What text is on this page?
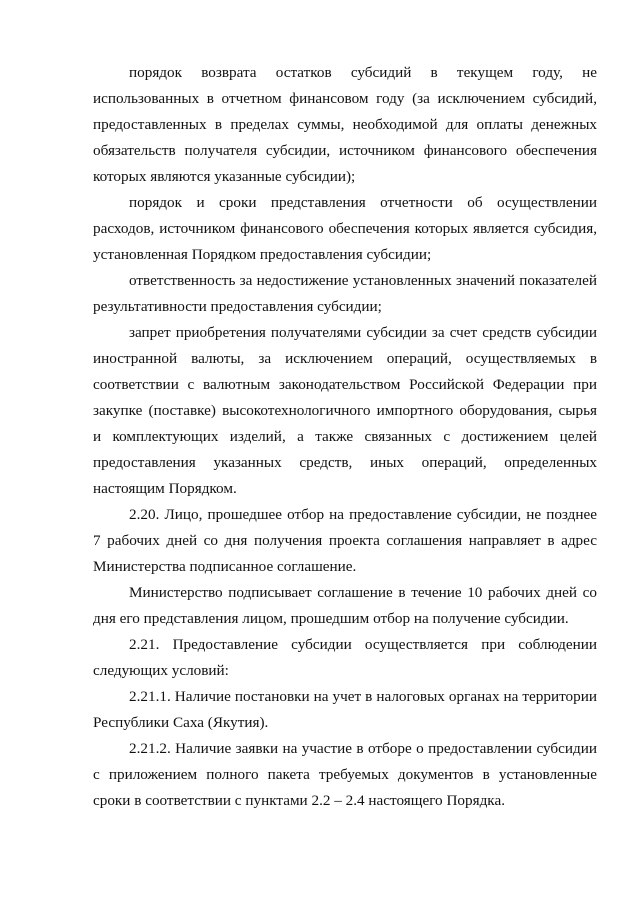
порядок возврата остатков субсидий в текущем году, не использованных в отчетном финансовом году (за исключением субсидий, предоставленных в пределах суммы, необходимой для оплаты денежных обязательств получателя субсидии, источником финансового обеспечения которых являются указанные субсидии);

порядок и сроки представления отчетности об осуществлении расходов, источником финансового обеспечения которых является субсидия, установленная Порядком предоставления субсидии;

ответственность за недостижение установленных значений показателей результативности предоставления субсидии;

запрет приобретения получателями субсидии за счет средств субсидии иностранной валюты, за исключением операций, осуществляемых в соответствии с валютным законодательством Российской Федерации при закупке (поставке) высокотехнологичного импортного оборудования, сырья и комплектующих изделий, а также связанных с достижением целей предоставления указанных средств, иных операций, определенных настоящим Порядком.

2.20. Лицо, прошедшее отбор на предоставление субсидии, не позднее 7 рабочих дней со дня получения проекта соглашения направляет в адрес Министерства подписанное соглашение.

Министерство подписывает соглашение в течение 10 рабочих дней со дня его представления лицом, прошедшим отбор на получение субсидии.

2.21. Предоставление субсидии осуществляется при соблюдении следующих условий:

2.21.1. Наличие постановки на учет в налоговых органах на территории Республики Саха (Якутия).

2.21.2. Наличие заявки на участие в отборе о предоставлении субсидии с приложением полного пакета требуемых документов в установленные сроки в соответствии с пунктами 2.2 – 2.4 настоящего Порядка.
